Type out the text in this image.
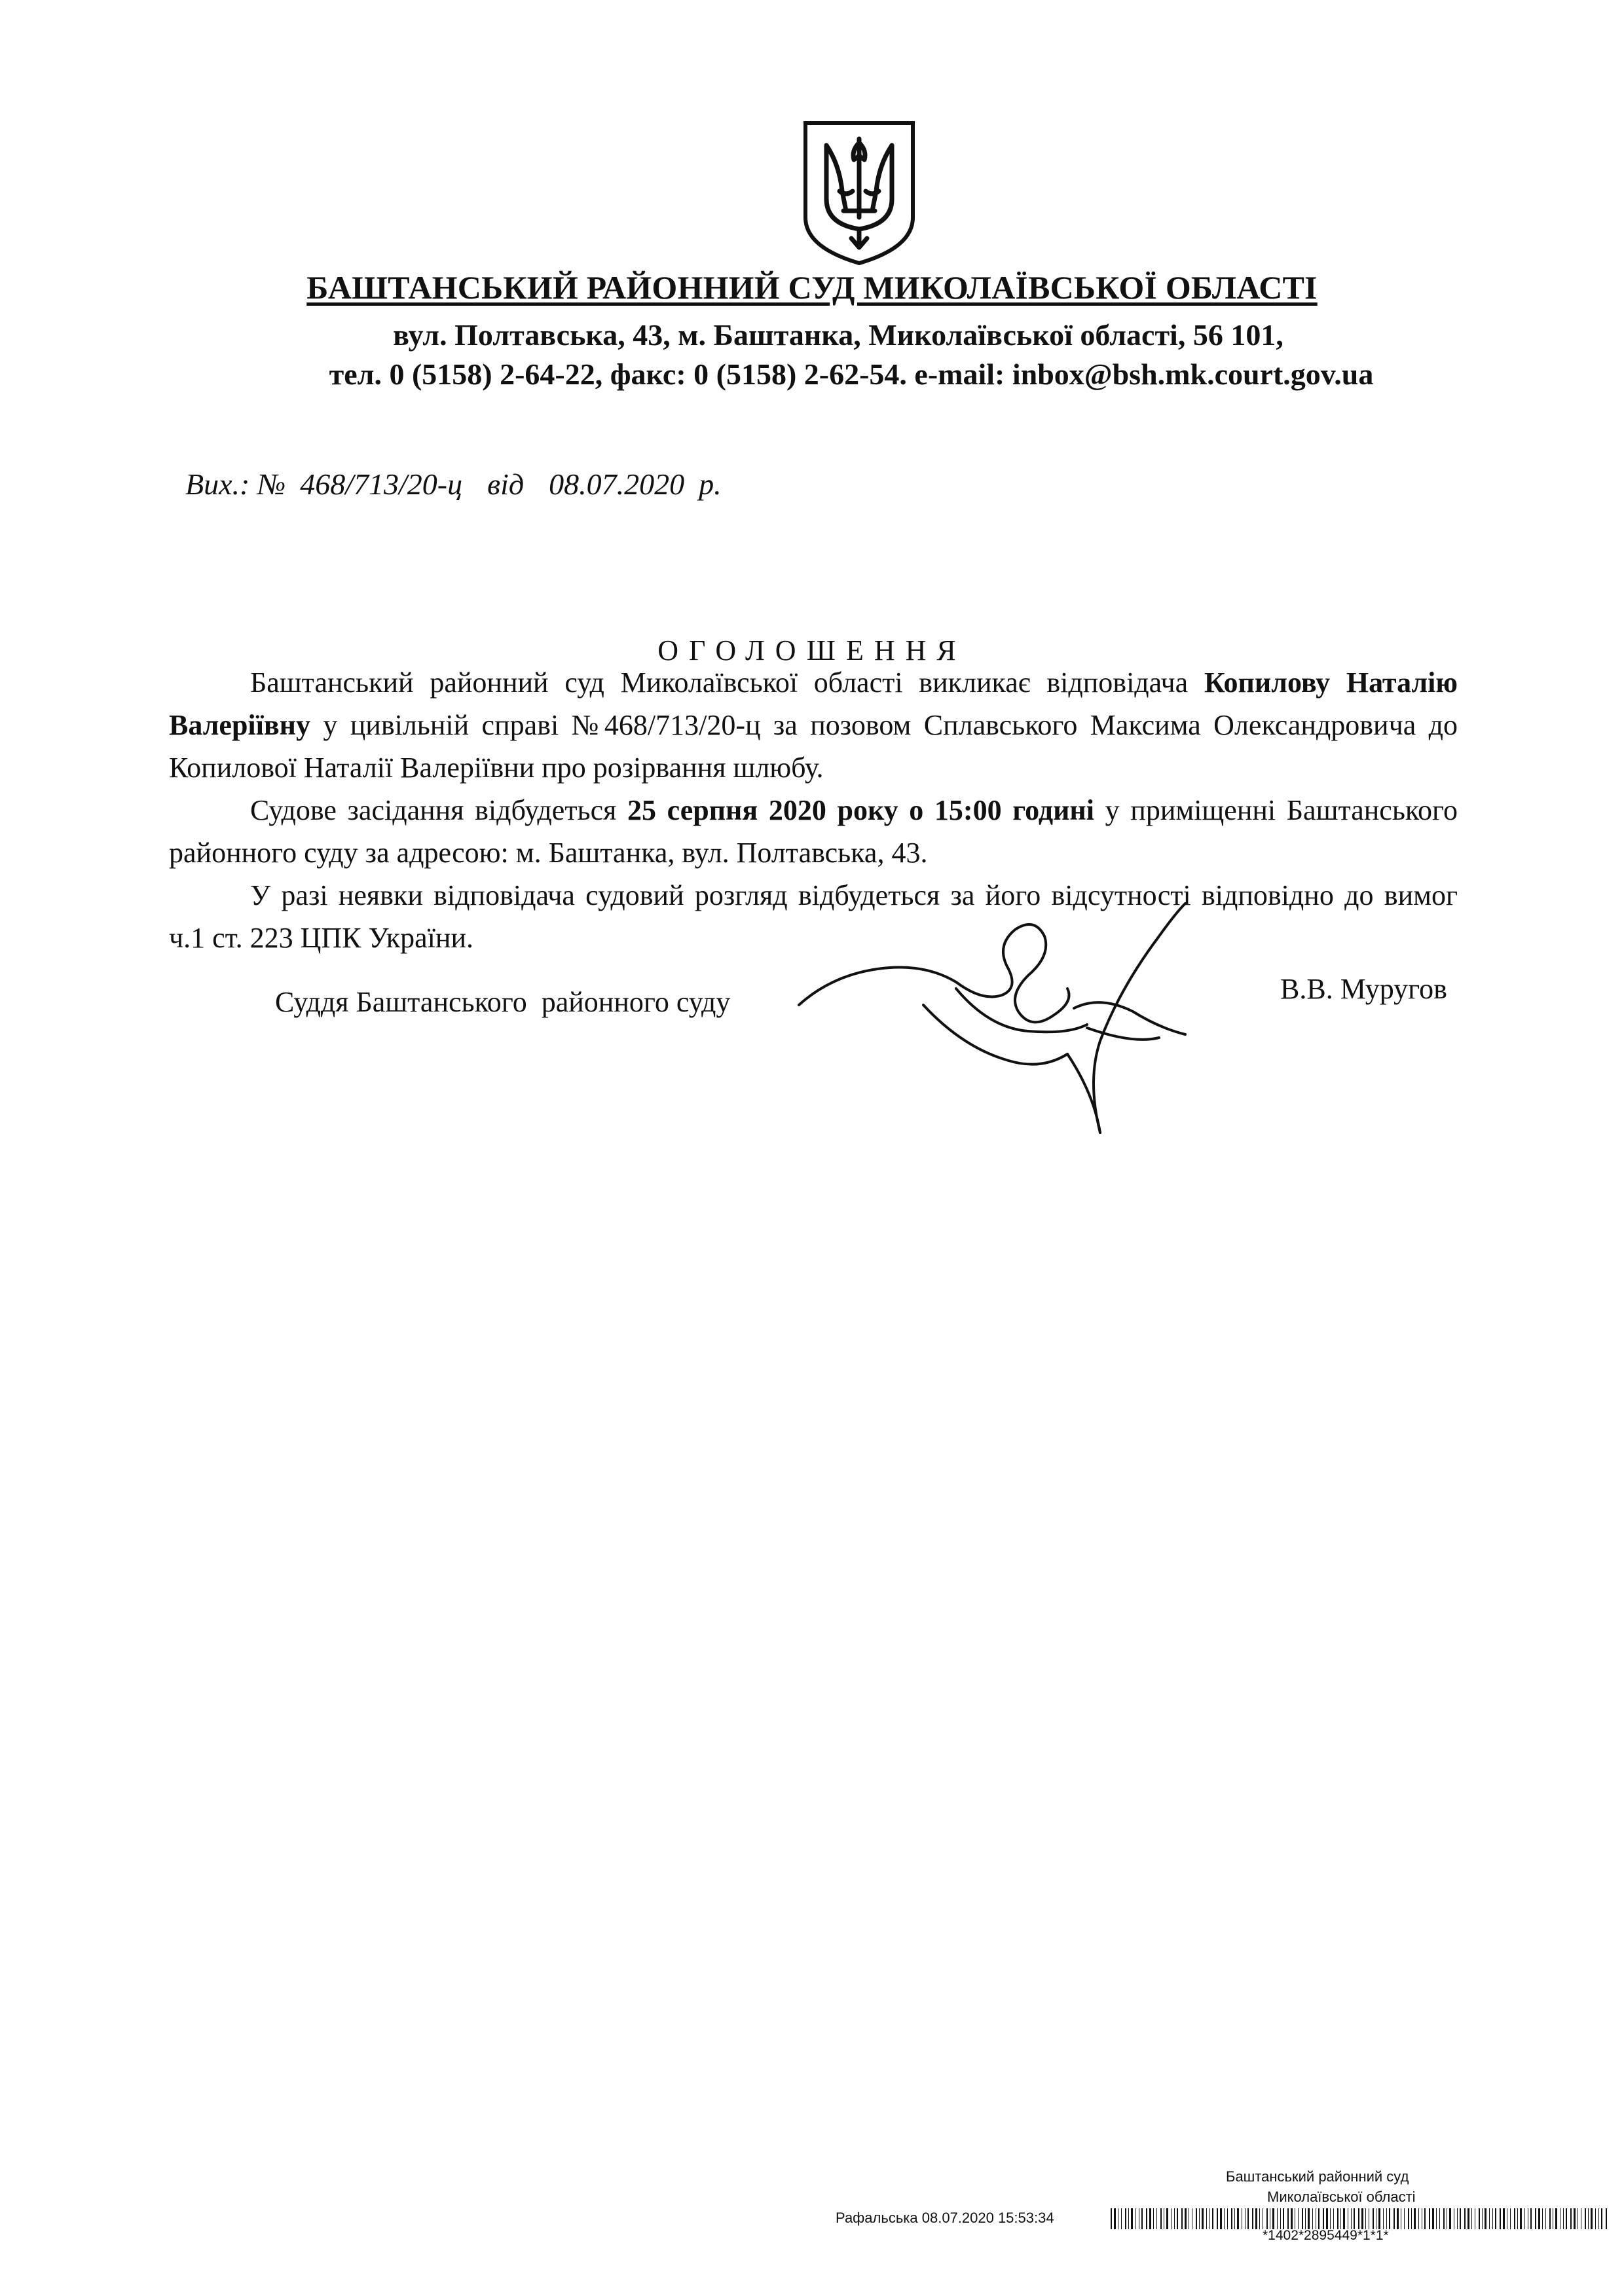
БАШТАНСЬКИЙ РАЙОННИЙ СУД МИКОЛАЇВСЬКОЇ ОБЛАСТІ
вул. Полтавська, 43, м. Баштанка, Миколаївської області, 56 101,
тел. 0 (5158) 2-64-22, факс: 0 (5158) 2-62-54. e-mail: inbox@bsh.mk.court.gov.ua

Вих.: № 468/713/20-ц від 08.07.2020 р.

ОГОЛОШЕННЯ

Баштанський районний суд Миколаївської області викликає відповідача Копилову Наталію Валеріївну у цивільній справі №468/713/20-ц за позовом Сплавського Максима Олександровича до Копилової Наталії Валеріївни про розірвання шлюбу.

Судове засідання відбудеться 25 серпня 2020 року о 15:00 годині у приміщенні Баштанського районного суду за адресою: м. Баштанка, вул. Полтавська, 43.

У разі неявки відповідача судовий розгляд відбудеться за його відсутності відповідно до вимог ч.1 ст. 223 ЦПК України.

Суддя Баштанського  районного суду	В.В. Муругов
Баштанський районний суд
Миколаївської області
Рафальська 08.07.2020 15:53:34
*1402*2895449*1*1*
